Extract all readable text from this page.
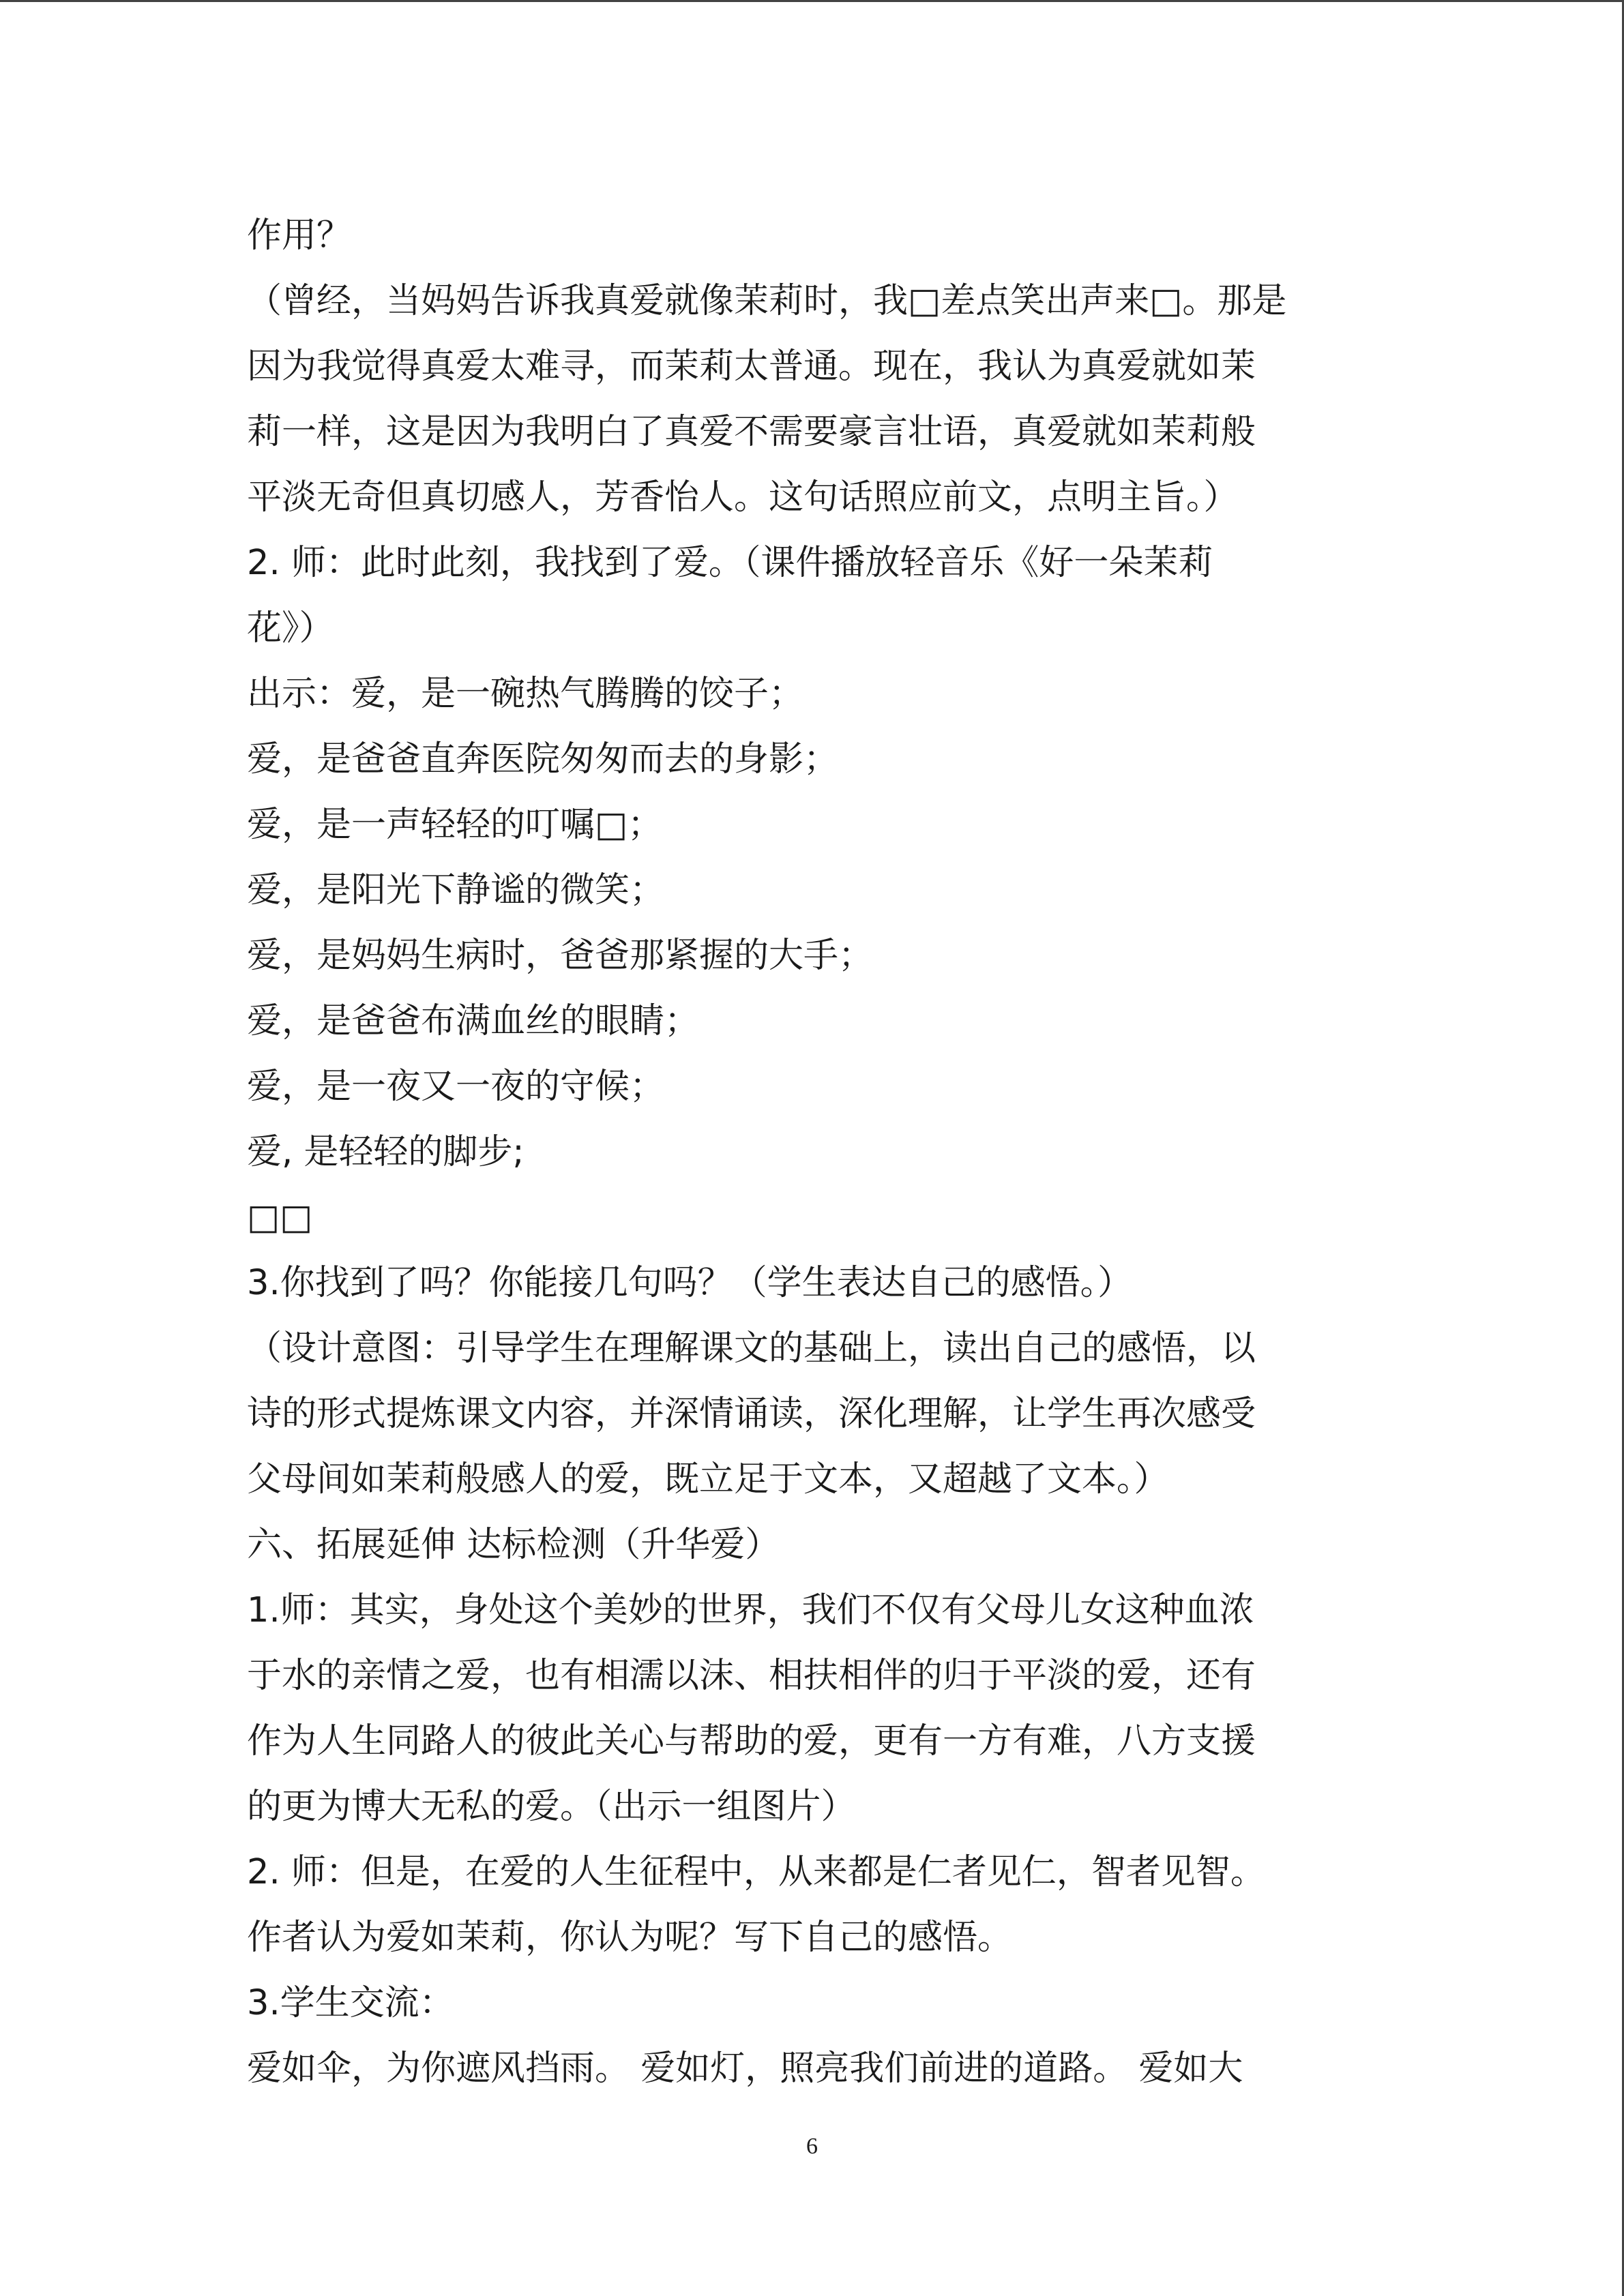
作用？
（曾经，当妈妈告诉我真爱就像茉莉时，我□差点笑出声来□。那是
因为我觉得真爱太难寻，而茉莉太普通。现在，我认为真爱就如茉
莉一样，这是因为我明白了真爱不需要豪言壮语，真爱就如茉莉般
平淡无奇但真切感人，芳香怡人。这句话照应前文，点明主旨。）
2. 师：此时此刻，我找到了爱。（课件播放轻音乐《好一朵茉莉
花》）
出示：爱，是一碗热气腾腾的饺子；
爱，是爸爸直奔医院匆匆而去的身影；
爱，是一声轻轻的叮嘱□；
爱，是阳光下静谧的微笑；
爱，是妈妈生病时，爸爸那紧握的大手；
爱，是爸爸布满血丝的眼睛；
爱，是一夜又一夜的守候；
爱, 是轻轻的脚步;
□□
3.你找到了吗？你能接几句吗？（学生表达自己的感悟。）
（设计意图：引导学生在理解课文的基础上，读出自己的感悟，以
诗的形式提炼课文内容，并深情诵读，深化理解，让学生再次感受
父母间如茉莉般感人的爱，既立足于文本，又超越了文本。）
六、拓展延伸 达标检测（升华爱）
1.师：其实，身处这个美妙的世界，我们不仅有父母儿女这种血浓
于水的亲情之爱，也有相濡以沫、相扶相伴的归于平淡的爱，还有
作为人生同路人的彼此关心与帮助的爱，更有一方有难，八方支援
的更为博大无私的爱。（出示一组图片）
2. 师：但是，在爱的人生征程中，从来都是仁者见仁，智者见智。
作者认为爱如茉莉，你认为呢？写下自己的感悟。
3.学生交流：
爱如伞，为你遮风挡雨。 爱如灯，照亮我们前进的道路。 爱如大
6
